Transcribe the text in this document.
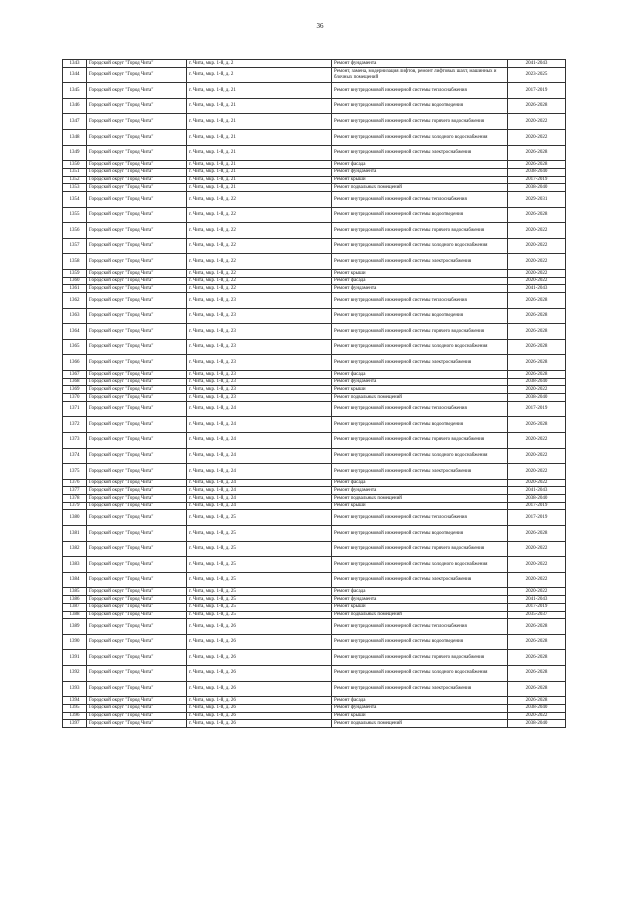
36
1343	Городской округ "Город Чита"	г. Чита, мкр. 1-й, д. 2	Ремонт фундамента	2041-2043
1344	Городской округ "Город Чита"	г. Чита, мкр. 1-й, д. 2	Ремонт, замена, модернизация лифтов, ремонт лифтовых шахт, машинных и блочных помещений	2023-2025
1345	Городской округ "Город Чита"	г. Чита, мкр. 1-й, д. 21	Ремонт внутридомовой инженерной системы теплоснабжения	2017-2019
1346	Городской округ "Город Чита"	г. Чита, мкр. 1-й, д. 21	Ремонт внутридомовой инженерной системы водоотведения	2026-2028
1347	Городской округ "Город Чита"	г. Чита, мкр. 1-й, д. 21	Ремонт внутридомовой инженерной системы горячего водоснабжения	2020-2022
1348	Городской округ "Город Чита"	г. Чита, мкр. 1-й, д. 21	Ремонт внутридомовой инженерной системы холодного водоснабжения	2020-2022
1349	Городской округ "Город Чита"	г. Чита, мкр. 1-й, д. 21	Ремонт внутридомовой инженерной системы электроснабжения	2026-2028
1350	Городской округ "Город Чита"	г. Чита, мкр. 1-й, д. 21	Ремонт фасада	2026-2028
1351	Городской округ "Город Чита"	г. Чита, мкр. 1-й, д. 21	Ремонт фундамента	2038-2040
1352	Городской округ "Город Чита"	г. Чита, мкр. 1-й, д. 21	Ремонт крыши	2017-2019
1353	Городской округ "Город Чита"	г. Чита, мкр. 1-й, д. 21	Ремонт подвальных помещений	2038-2040
1354	Городской округ "Город Чита"	г. Чита, мкр. 1-й, д. 22	Ремонт внутридомовой инженерной системы теплоснабжения	2029-2031
1355	Городской округ "Город Чита"	г. Чита, мкр. 1-й, д. 22	Ремонт внутридомовой инженерной системы водоотведения	2026-2028
1356	Городской округ "Город Чита"	г. Чита, мкр. 1-й, д. 22	Ремонт внутридомовой инженерной системы горячего водоснабжения	2020-2022
1357	Городской округ "Город Чита"	г. Чита, мкр. 1-й, д. 22	Ремонт внутридомовой инженерной системы холодного водоснабжения	2020-2022
1358	Городской округ "Город Чита"	г. Чита, мкр. 1-й, д. 22	Ремонт внутридомовой инженерной системы электроснабжения	2020-2022
1359	Городской округ "Город Чита"	г. Чита, мкр. 1-й, д. 22	Ремонт крыши	2020-2022
1360	Городской округ "Город Чита"	г. Чита, мкр. 1-й, д. 22	Ремонт фасада	2020-2022
1361	Городской округ "Город Чита"	г. Чита, мкр. 1-й, д. 22	Ремонт фундамента	2041-2043
1362	Городской округ "Город Чита"	г. Чита, мкр. 1-й, д. 23	Ремонт внутридомовой инженерной системы теплоснабжения	2026-2028
1363	Городской округ "Город Чита"	г. Чита, мкр. 1-й, д. 23	Ремонт внутридомовой инженерной системы водоотведения	2026-2028
1364	Городской округ "Город Чита"	г. Чита, мкр. 1-й, д. 23	Ремонт внутридомовой инженерной системы горячего водоснабжения	2026-2028
1365	Городской округ "Город Чита"	г. Чита, мкр. 1-й, д. 23	Ремонт внутридомовой инженерной системы холодного водоснабжения	2026-2028
1366	Городской округ "Город Чита"	г. Чита, мкр. 1-й, д. 23	Ремонт внутридомовой инженерной системы электроснабжения	2026-2028
1367	Городской округ "Город Чита"	г. Чита, мкр. 1-й, д. 23	Ремонт фасада	2026-2028
1368	Городской округ "Город Чита"	г. Чита, мкр. 1-й, д. 23	Ремонт фундамента	2038-2040
1369	Городской округ "Город Чита"	г. Чита, мкр. 1-й, д. 23	Ремонт крыши	2020-2022
1370	Городской округ "Город Чита"	г. Чита, мкр. 1-й, д. 23	Ремонт подвальных помещений	2038-2040
1371	Городской округ "Город Чита"	г. Чита, мкр. 1-й, д. 24	Ремонт внутридомовой инженерной системы теплоснабжения	2017-2019
1372	Городской округ "Город Чита"	г. Чита, мкр. 1-й, д. 24	Ремонт внутридомовой инженерной системы водоотведения	2026-2028
1373	Городской округ "Город Чита"	г. Чита, мкр. 1-й, д. 24	Ремонт внутридомовой инженерной системы горячего водоснабжения	2020-2022
1374	Городской округ "Город Чита"	г. Чита, мкр. 1-й, д. 24	Ремонт внутридомовой инженерной системы холодного водоснабжения	2020-2022
1375	Городской округ "Город Чита"	г. Чита, мкр. 1-й, д. 24	Ремонт внутридомовой инженерной системы электроснабжения	2020-2022
1376	Городской округ "Город Чита"	г. Чита, мкр. 1-й, д. 24	Ремонт фасада	2020-2022
1377	Городской округ "Город Чита"	г. Чита, мкр. 1-й, д. 24	Ремонт фундамента	2041-2043
1378	Городской округ "Город Чита"	г. Чита, мкр. 1-й, д. 24	Ремонт подвальных помещений	2038-2040
1379	Городской округ "Город Чита"	г. Чита, мкр. 1-й, д. 24	Ремонт крыши	2017-2019
1380	Городской округ "Город Чита"	г. Чита, мкр. 1-й, д. 25	Ремонт внутридомовой инженерной системы теплоснабжения	2017-2019
1381	Городской округ "Город Чита"	г. Чита, мкр. 1-й, д. 25	Ремонт внутридомовой инженерной системы водоотведения	2026-2028
1382	Городской округ "Город Чита"	г. Чита, мкр. 1-й, д. 25	Ремонт внутридомовой инженерной системы горячего водоснабжения	2020-2022
1383	Городской округ "Город Чита"	г. Чита, мкр. 1-й, д. 25	Ремонт внутридомовой инженерной системы холодного водоснабжения	2020-2022
1384	Городской округ "Город Чита"	г. Чита, мкр. 1-й, д. 25	Ремонт внутридомовой инженерной системы электроснабжения	2020-2022
1385	Городской округ "Город Чита"	г. Чита, мкр. 1-й, д. 25	Ремонт фасада	2020-2022
1386	Городской округ "Город Чита"	г. Чита, мкр. 1-й, д. 25	Ремонт фундамента	2041-2043
1387	Городской округ "Город Чита"	г. Чита, мкр. 1-й, д. 25	Ремонт крыши	2017-2019
1388	Городской округ "Город Чита"	г. Чита, мкр. 1-й, д. 25	Ремонт подвальных помещений	2035-2037
1389	Городской округ "Город Чита"	г. Чита, мкр. 1-й, д. 26	Ремонт внутридомовой инженерной системы теплоснабжения	2026-2028
1390	Городской округ "Город Чита"	г. Чита, мкр. 1-й, д. 26	Ремонт внутридомовой инженерной системы водоотведения	2026-2028
1391	Городской округ "Город Чита"	г. Чита, мкр. 1-й, д. 26	Ремонт внутридомовой инженерной системы горячего водоснабжения	2026-2028
1392	Городской округ "Город Чита"	г. Чита, мкр. 1-й, д. 26	Ремонт внутридомовой инженерной системы холодного водоснабжения	2026-2028
1393	Городской округ "Город Чита"	г. Чита, мкр. 1-й, д. 26	Ремонт внутридомовой инженерной системы электроснабжения	2026-2028
1394	Городской округ "Город Чита"	г. Чита, мкр. 1-й, д. 26	Ремонт фасада	2026-2028
1395	Городской округ "Город Чита"	г. Чита, мкр. 1-й, д. 26	Ремонт фундамента	2038-2040
1396	Городской округ "Город Чита"	г. Чита, мкр. 1-й, д. 26	Ремонт крыши	2020-2022
1397	Городской округ "Город Чита"	г. Чита, мкр. 1-й, д. 26	Ремонт подвальных помещений	2038-2040
